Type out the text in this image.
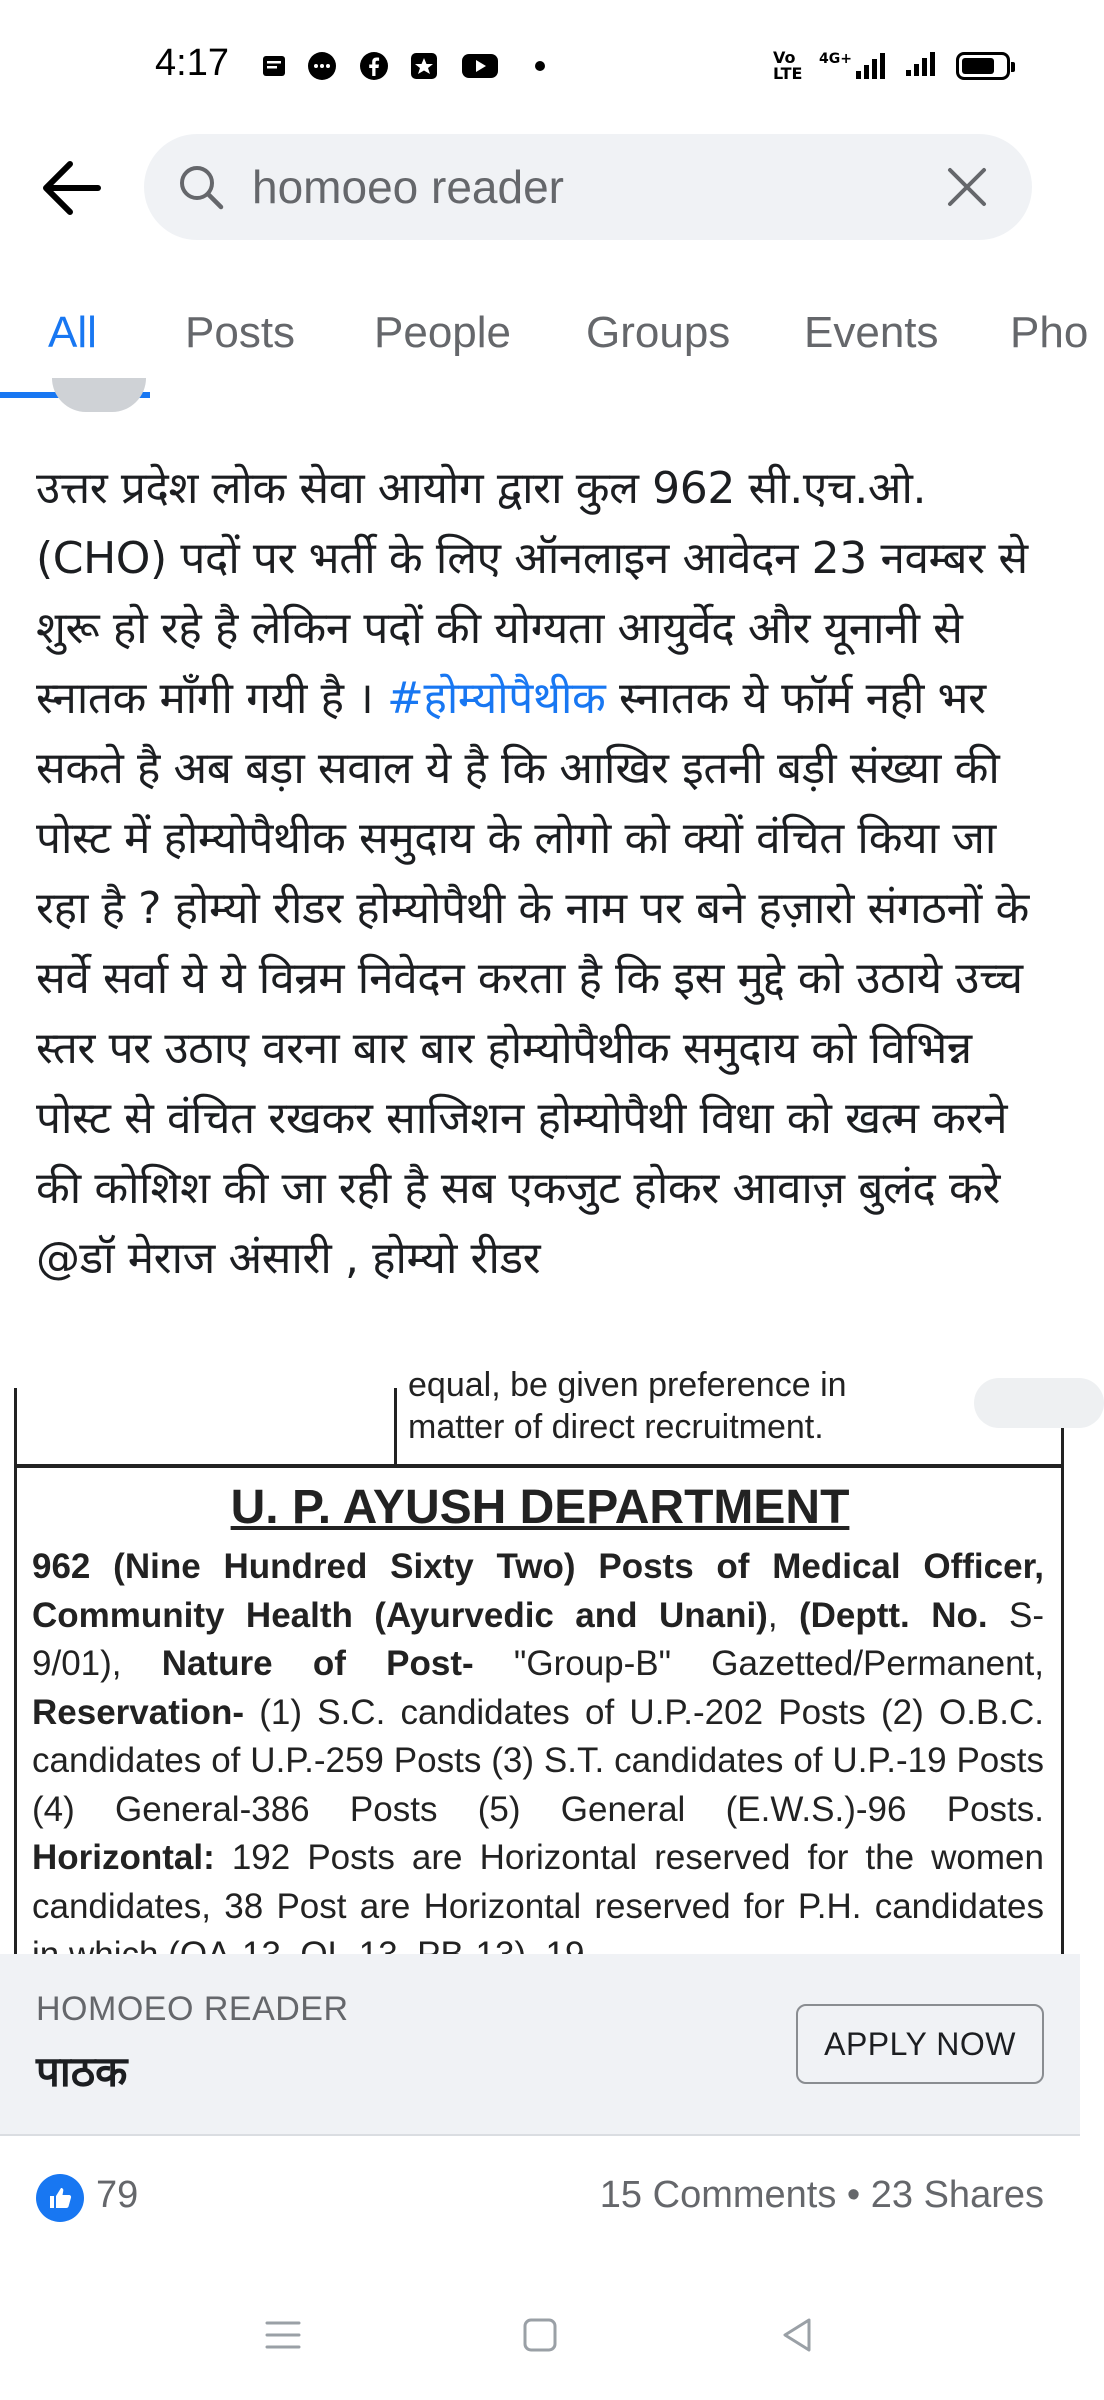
4:17	Vo LTE
4G+
homoeo reader
All Posts People Groups Events Pho
उत्तर प्रदेश लोक सेवा आयोग द्वारा कुल 962 सी.एच.ओ. (CHO) पदों पर भर्ती के लिए ऑनलाइन आवेदन 23 नवम्बर से शुरू हो रहे है लेकिन पदों की योग्यता आयुर्वेद और यूनानी से स्नातक माँगी गयी है । #होम्योपैथीक स्नातक ये फॉर्म नही भर सकते है अब बड़ा सवाल ये है कि आखिर इतनी बड़ी संख्या की पोस्ट में होम्योपैथीक समुदाय के लोगो को क्यों वंचित किया जा रहा है ? होम्यो रीडर होम्योपैथी के नाम पर बने हज़ारो संगठनों के सर्वे सर्वा ये ये विन्रम निवेदन करता है कि इस मुद्दे को उठाये उच्च स्तर पर उठाए वरना बार बार होम्योपैथीक समुदाय को विभिन्न पोस्ट से वंचित रखकर साजिशन होम्योपैथी विधा को खत्म करने की कोशिश की जा रही है सब एकजुट होकर आवाज़ बुलंद करे @डॉ मेराज अंसारी , होम्यो रीडर
equal, be given preference in
matter of direct recruitment.
U. P. AYUSH DEPARTMENT
962 (Nine Hundred Sixty Two) Posts of Medical Officer, Community Health (Ayurvedic and Unani), (Deptt. No. S-9/01), Nature of Post- "Group-B" Gazetted/Permanent, Reservation- (1) S.C. candidates of U.P.-202 Posts (2) O.B.C. candidates of U.P.-259 Posts (3) S.T. candidates of U.P.-19 Posts (4) General-386 Posts (5) General (E.W.S.)-96 Posts. Horizontal: 192 Posts are Horizontal reserved for the women candidates, 38 Post are Horizontal reserved for P.H. candidates
HOMOEO READER
पाठक
APPLY NOW
79	15 Comments • 23 Shares
